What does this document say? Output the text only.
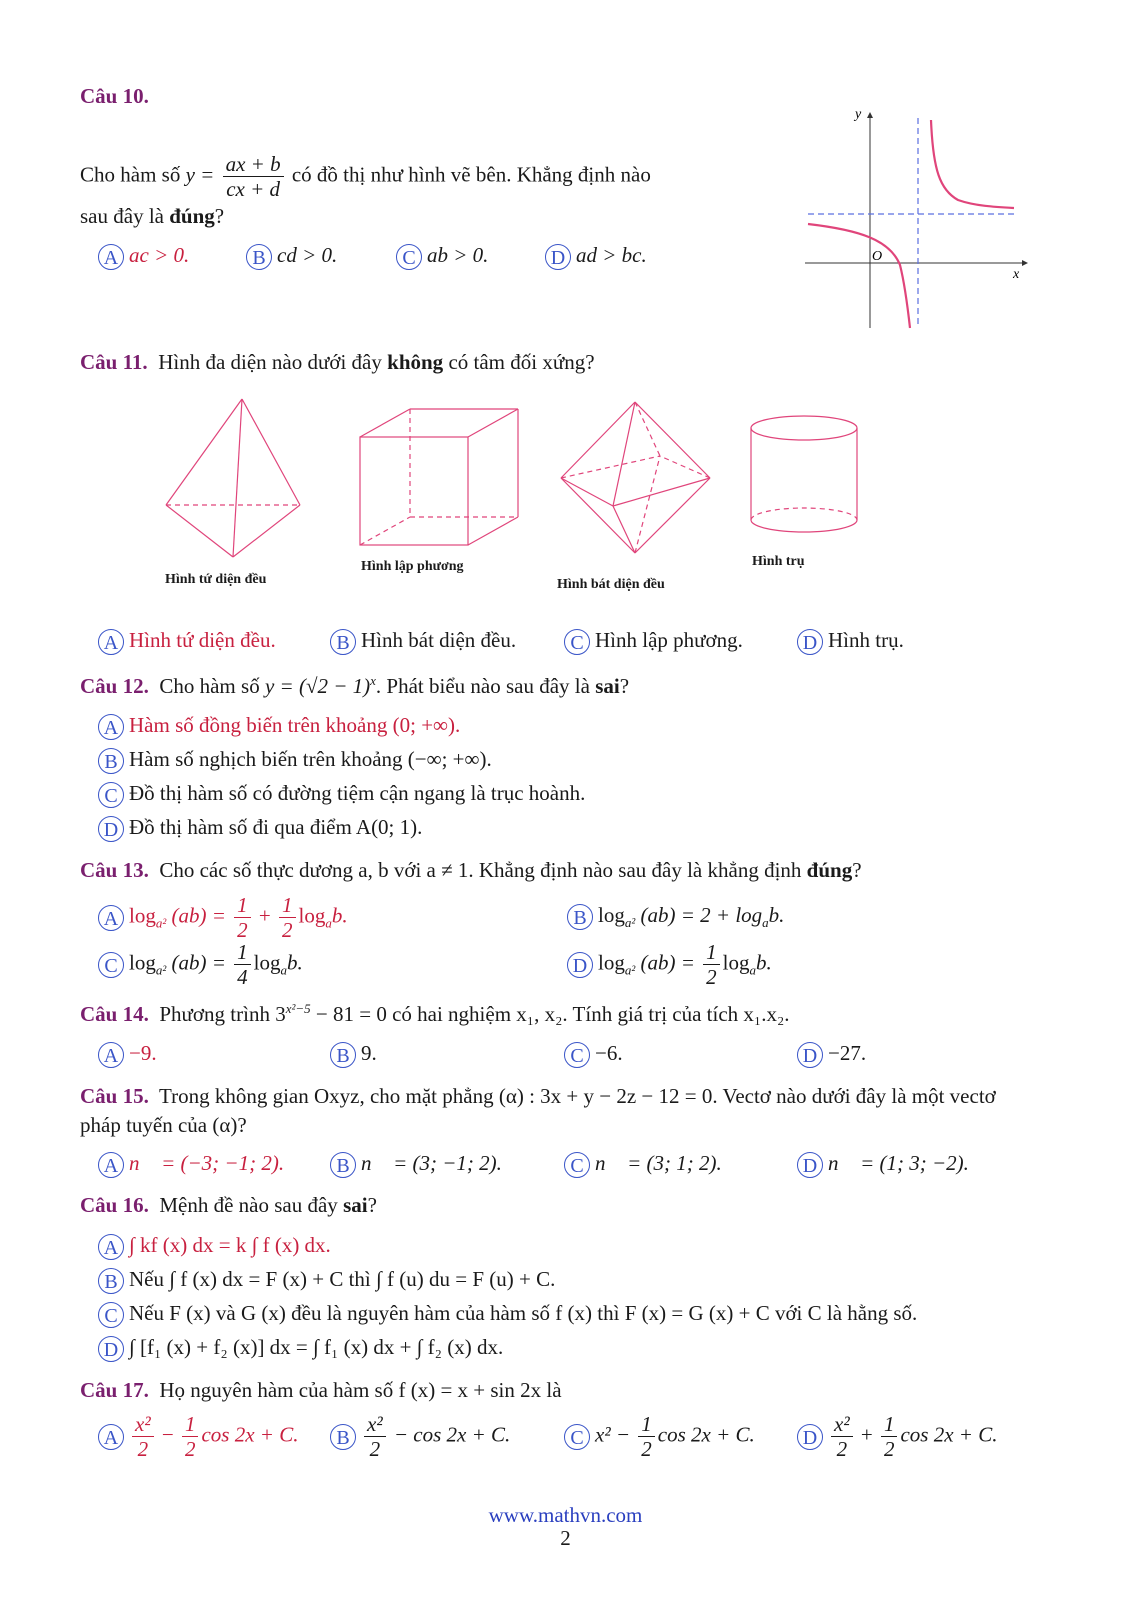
Câu 10.
Cho hàm số $y = \frac{ax + b}{cx + d}$ có đồ thị như hình vẽ bên. Khẳng định nào
sau đây là đúng?
A ac > 0.	B cd > 0.	C ab > 0.	D ad > bc.
y
x
O
Câu 11. Hình đa diện nào dưới đây không có tâm đối xứng?
Hình tứ diện đều
Hình lập phương
Hình bát diện đều
Hình trụ
A Hình tứ diện đều.	B Hình bát diện đều.	C Hình lập phương.	D Hình trụ.
Câu 12. Cho hàm số $y = (√2 - 1)^x$. Phát biểu nào sau đây là sai?
A Hàm số đồng biến trên khoảng (0; +∞).
B Hàm số nghịch biến trên khoảng (−∞; +∞).
C Đồ thị hàm số có đường tiệm cận ngang là trục hoành.
D Đồ thị hàm số đi qua điểm A(0; 1).
Câu 13. Cho các số thực dương a, b với a ≠ 1. Khẳng định nào sau đây là khẳng định đúng?
A $\log_{a^2} (ab) = \frac{1}{2} + \frac{1}{2} \log_ab$.	B $\log_{a^2} (ab) = 2 + \log_ab$.
C $\log_{a^2} (ab) = \frac{1}{4} \log_ab$.	D $\log_{a^2} (ab) = \frac{1}{2} \log_ab$.
Câu 14. Phương trình $3^{x^2-5} - 81 = 0$ có hai nghiệm x₁, x₂. Tính giá trị của tích x₁.x₂.
A −9.	B 9.	C −6.	D −27.
Câu 15. Trong không gian Oxyz, cho mặt phẳng (α) : 3x + y − 2z − 12 = 0. Vectơ nào dưới đây là một vectơ
pháp tuyến của (α)?
A n⃗ = (−3; −1; 2).	B n⃗ = (3; −1; 2).	C n⃗ = (3; 1; 2).	D n⃗ = (1; 3; −2).
Câu 16. Mệnh đề nào sau đây sai?
A ∫ kf (x) dx = k ∫ f (x) dx.
B Nếu ∫ f (x) dx = F (x) + C thì ∫ f (u) du = F (u) + C.
C Nếu F (x) và G (x) đều là nguyên hàm của hàm số f (x) thì F (x) = G (x) + C với C là hằng số.
D ∫ [f₁ (x) + f₂ (x)] dx = ∫ f₁ (x) dx + ∫ f₂ (x) dx.
Câu 17. Họ nguyên hàm của hàm số f (x) = x + sin 2x là
A $\frac{\text{x²}}{2} - \frac{1}{2}$ cos 2x + C.	B $\frac{\text{x²}}{2} - \cos 2x + C$.	C $x^2 - \frac{1}{2}$ cos 2x + C. D $\frac{\text{x²}}{2} + \frac{1}{2}$ cos 2x + C.
www.mathvn.com
2
